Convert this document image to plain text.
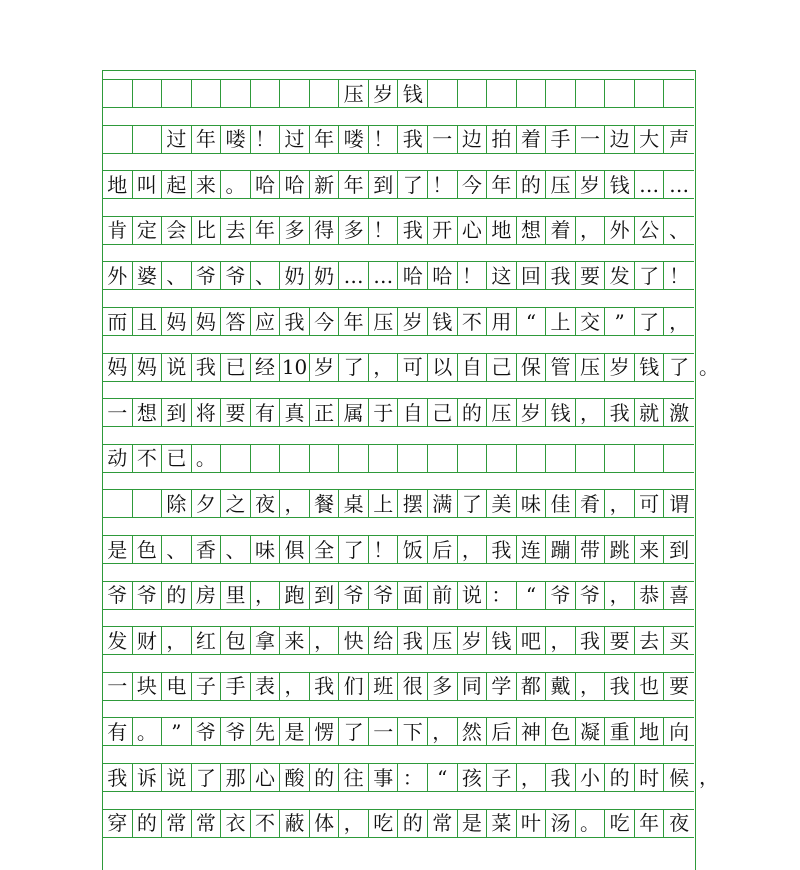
压 岁 钱
过 年 喽 ！ 过 年 喽 ！ 我 一 边 拍 着 手 一 边 大 声
地 叫 起 来 。 哈 哈 新 年 到 了 ！ 今 年 的 压 岁 钱 … …
肯 定 会 比 去 年 多 得 多 ！ 我 开 心 地 想 着 ， 外 公 、
外 婆 、 爷 爷 、 奶 奶 … … 哈 哈 ！ 这 回 我 要 发 了 ！
而 且 妈 妈 答 应 我 今 年 压 岁 钱 不 用 “ 上 交 ” 了 ，
妈 妈 说 我 已 经 10 岁 了 ， 可 以 自 己 保 管 压 岁 钱 了 。
一 想 到 将 要 有 真 正 属 于 自 己 的 压 岁 钱 ， 我 就 激
动 不 已 。
除 夕 之 夜 ， 餐 桌 上 摆 满 了 美 味 佳 肴 ， 可 谓
是 色 、 香 、 味 俱 全 了 ！ 饭 后 ， 我 连 蹦 带 跳 来 到
爷 爷 的 房 里 ， 跑 到 爷 爷 面 前 说 ： “ 爷 爷 ， 恭 喜
发 财 ， 红 包 拿 来 ， 快 给 我 压 岁 钱 吧 ， 我 要 去 买
一 块 电 子 手 表 ， 我 们 班 很 多 同 学 都 戴 ， 我 也 要
有 。 ” 爷 爷 先 是 愣 了 一 下 ， 然 后 神 色 凝 重 地 向
我 诉 说 了 那 心 酸 的 往 事 ： “ 孩 子 ， 我 小 的 时 候 ，
穿 的 常 常 衣 不 蔽 体 ， 吃 的 常 是 菜 叶 汤 。 吃 年 夜
